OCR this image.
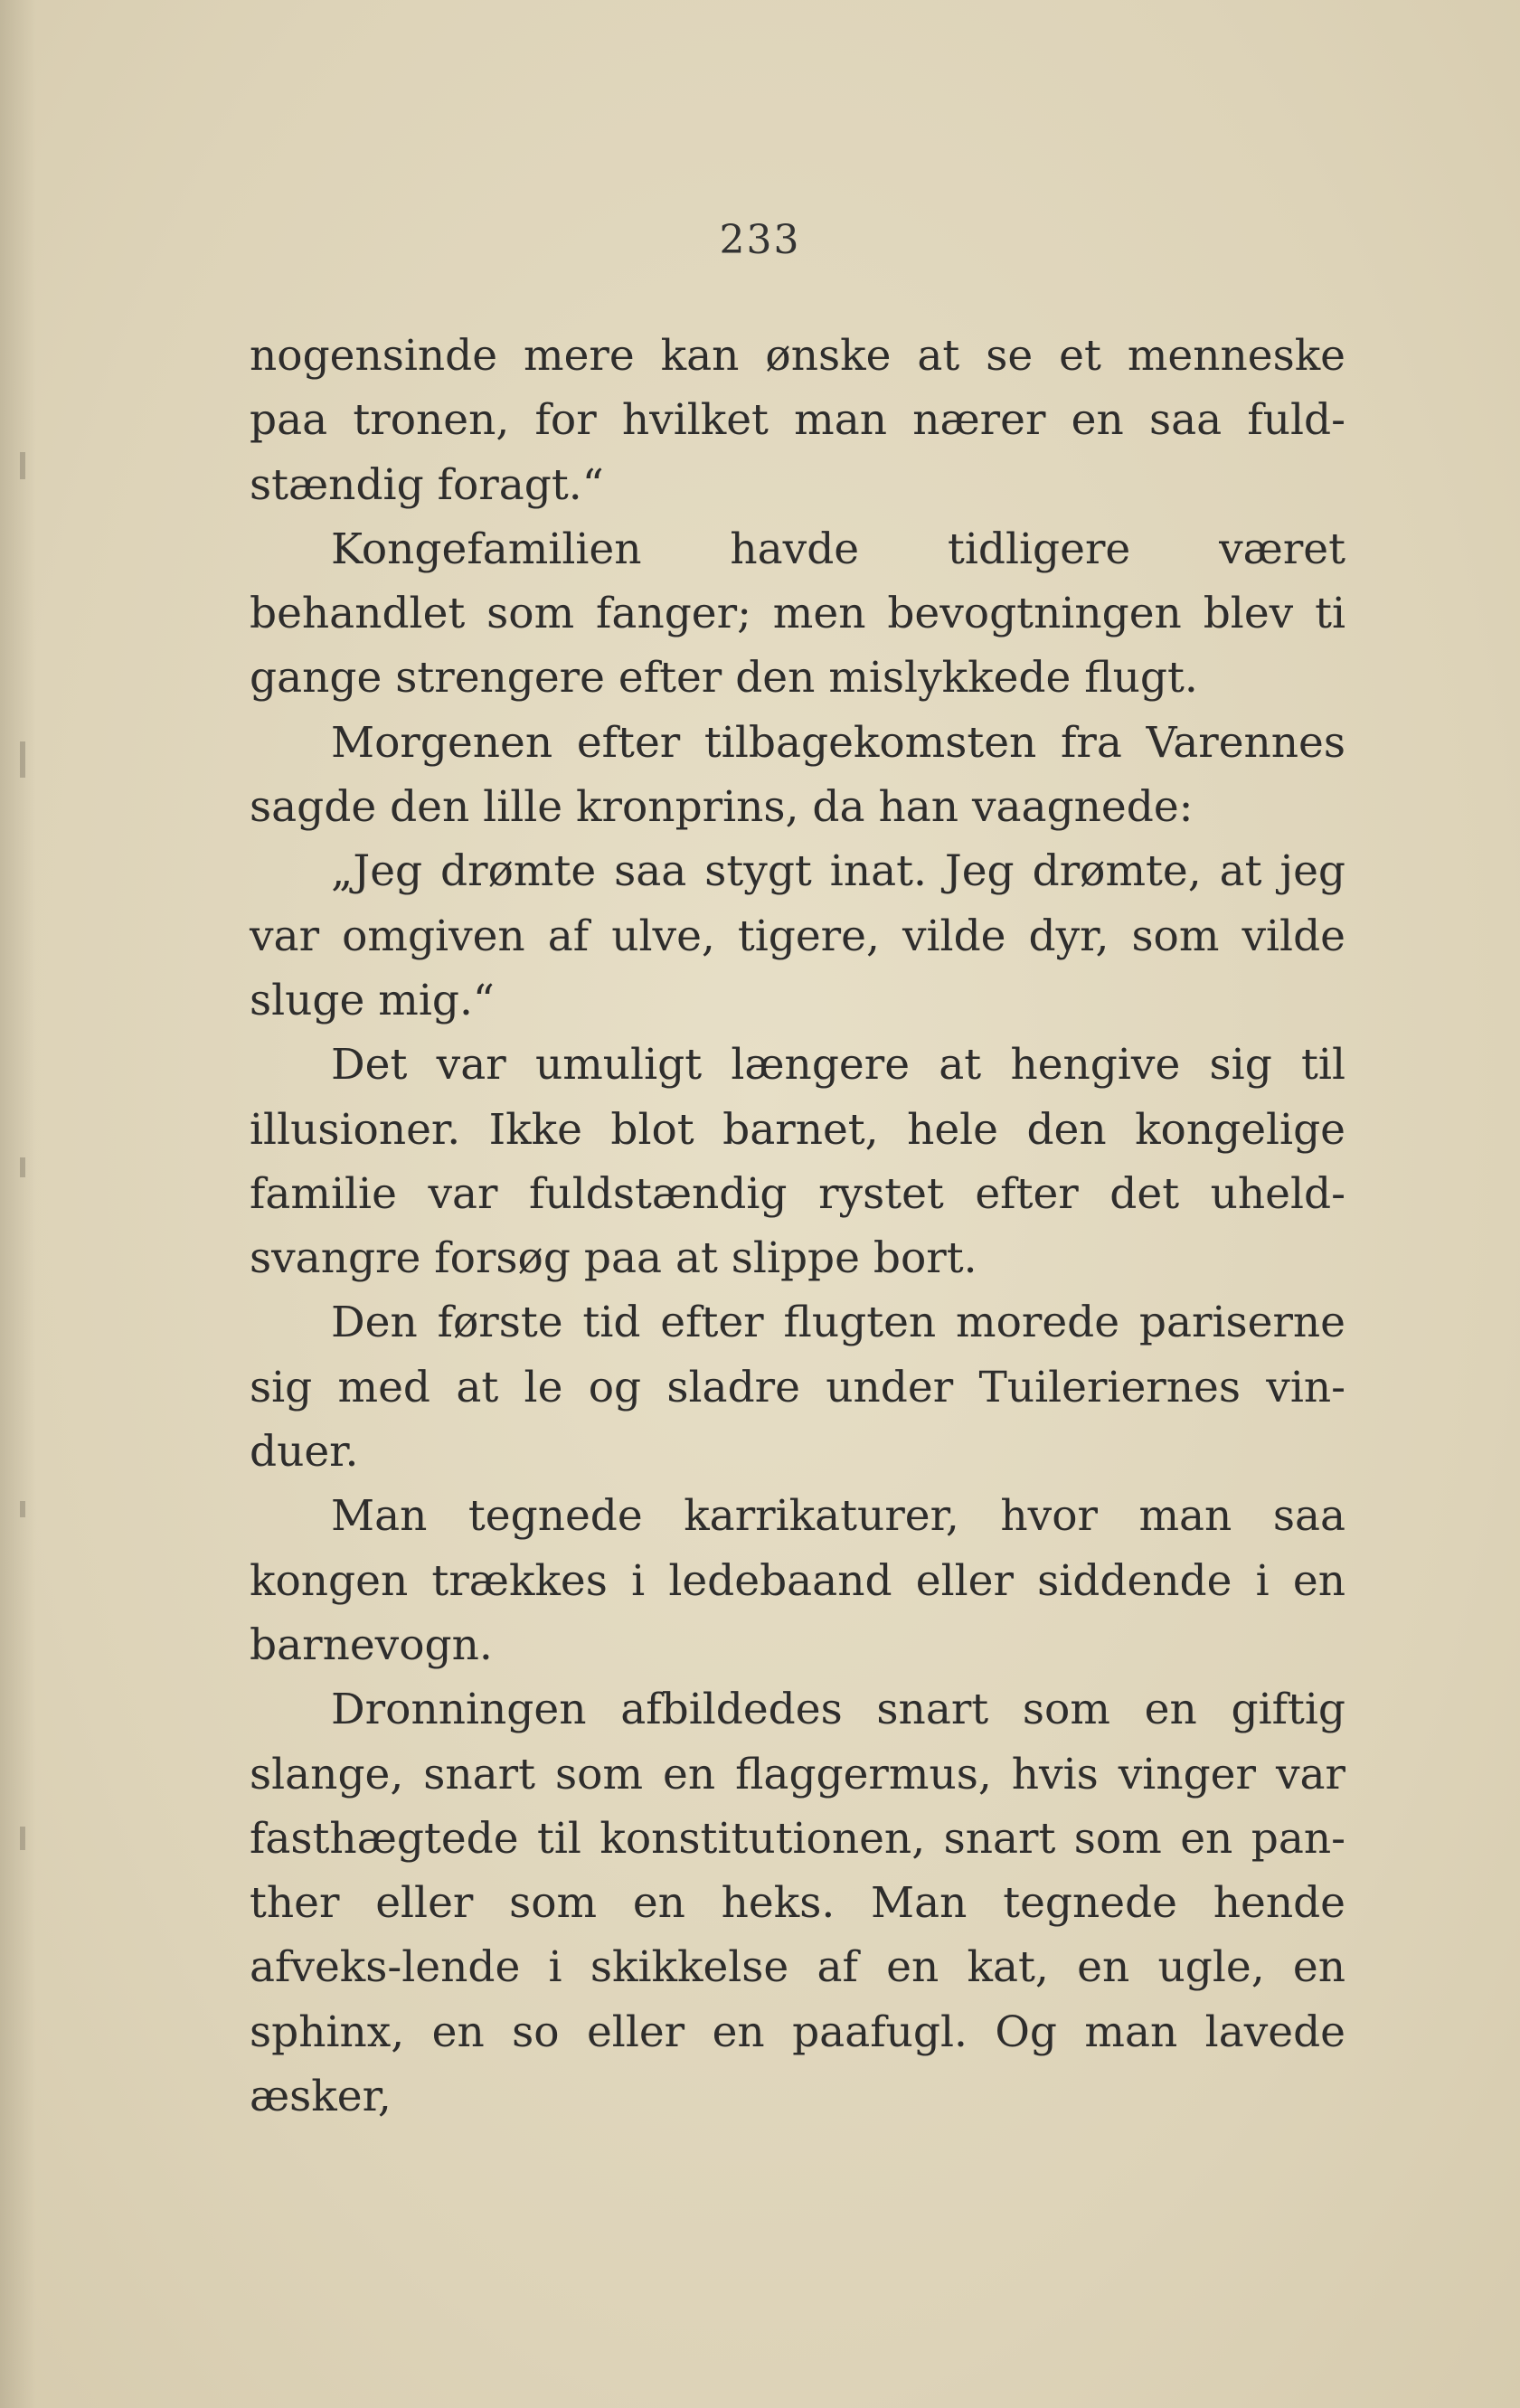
233

nogensinde mere kan ønske at se et menneske paa tronen, for hvilket man nærer en saa fuld-stændig foragt.“

Kongefamilien havde tidligere været behandlet som fanger; men bevogtningen blev ti gange strengere efter den mislykkede flugt.

Morgenen efter tilbagekomsten fra Varennes sagde den lille kronprins, da han vaagnede:

„Jeg drømte saa stygt inat. Jeg drømte, at jeg var omgiven af ulve, tigere, vilde dyr, som vilde sluge mig.“

Det var umuligt længere at hengive sig til illusioner. Ikke blot barnet, hele den kongelige familie var fuldstændig rystet efter det uheld-svangre forsøg paa at slippe bort.

Den første tid efter flugten morede pariserne sig med at le og sladre under Tuileriernes vin-duer.

Man tegnede karrikaturer, hvor man saa kongen trækkes i ledebaand eller siddende i en barnevogn.

Dronningen afbildedes snart som en giftig slange, snart som en flaggermus, hvis vinger var fasthægtede til konstitutionen, snart som en pan-ther eller som en heks. Man tegnede hende afveks-lende i skikkelse af en kat, en ugle, en sphinx, en so eller en paafugl. Og man lavede æsker,
